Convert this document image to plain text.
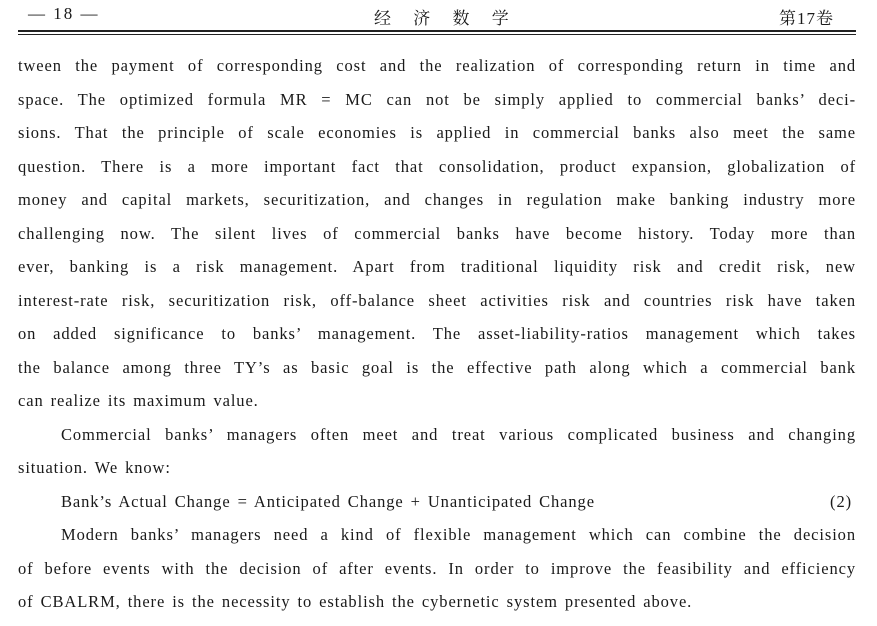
— 18 —	经 济 数 学	第17卷
tween the payment of corresponding cost and the realization of corresponding return in time and
space. The optimized formula MR = MC can not be simply applied to commercial banks’ deci-
sions. That the principle of scale economies is applied in commercial banks also meet the same
question. There is a more important fact that consolidation, product expansion, globalization of
money and capital markets, securitization, and changes in regulation make banking industry more
challenging now. The silent lives of commercial banks have become history. Today more than
ever, banking is a risk management. Apart from traditional liquidity risk and credit risk, new
interest-rate risk, securitization risk, off-balance sheet activities risk and countries risk have taken
on added significance to banks’ management. The asset-liability-ratios management which takes
the balance among three TY’s as basic goal is the effective path along which a commercial bank
can realize its maximum value.
Commercial banks’ managers often meet and treat various complicated business and changing
situation. We know:
Bank’s Actual Change = Anticipated Change + Unanticipated Change	(2)
Modern banks’ managers need a kind of flexible management which can combine the decision
of before events with the decision of after events. In order to improve the feasibility and efficiency
of CBALRM, there is the necessity to establish the cybernetic system presented above.
